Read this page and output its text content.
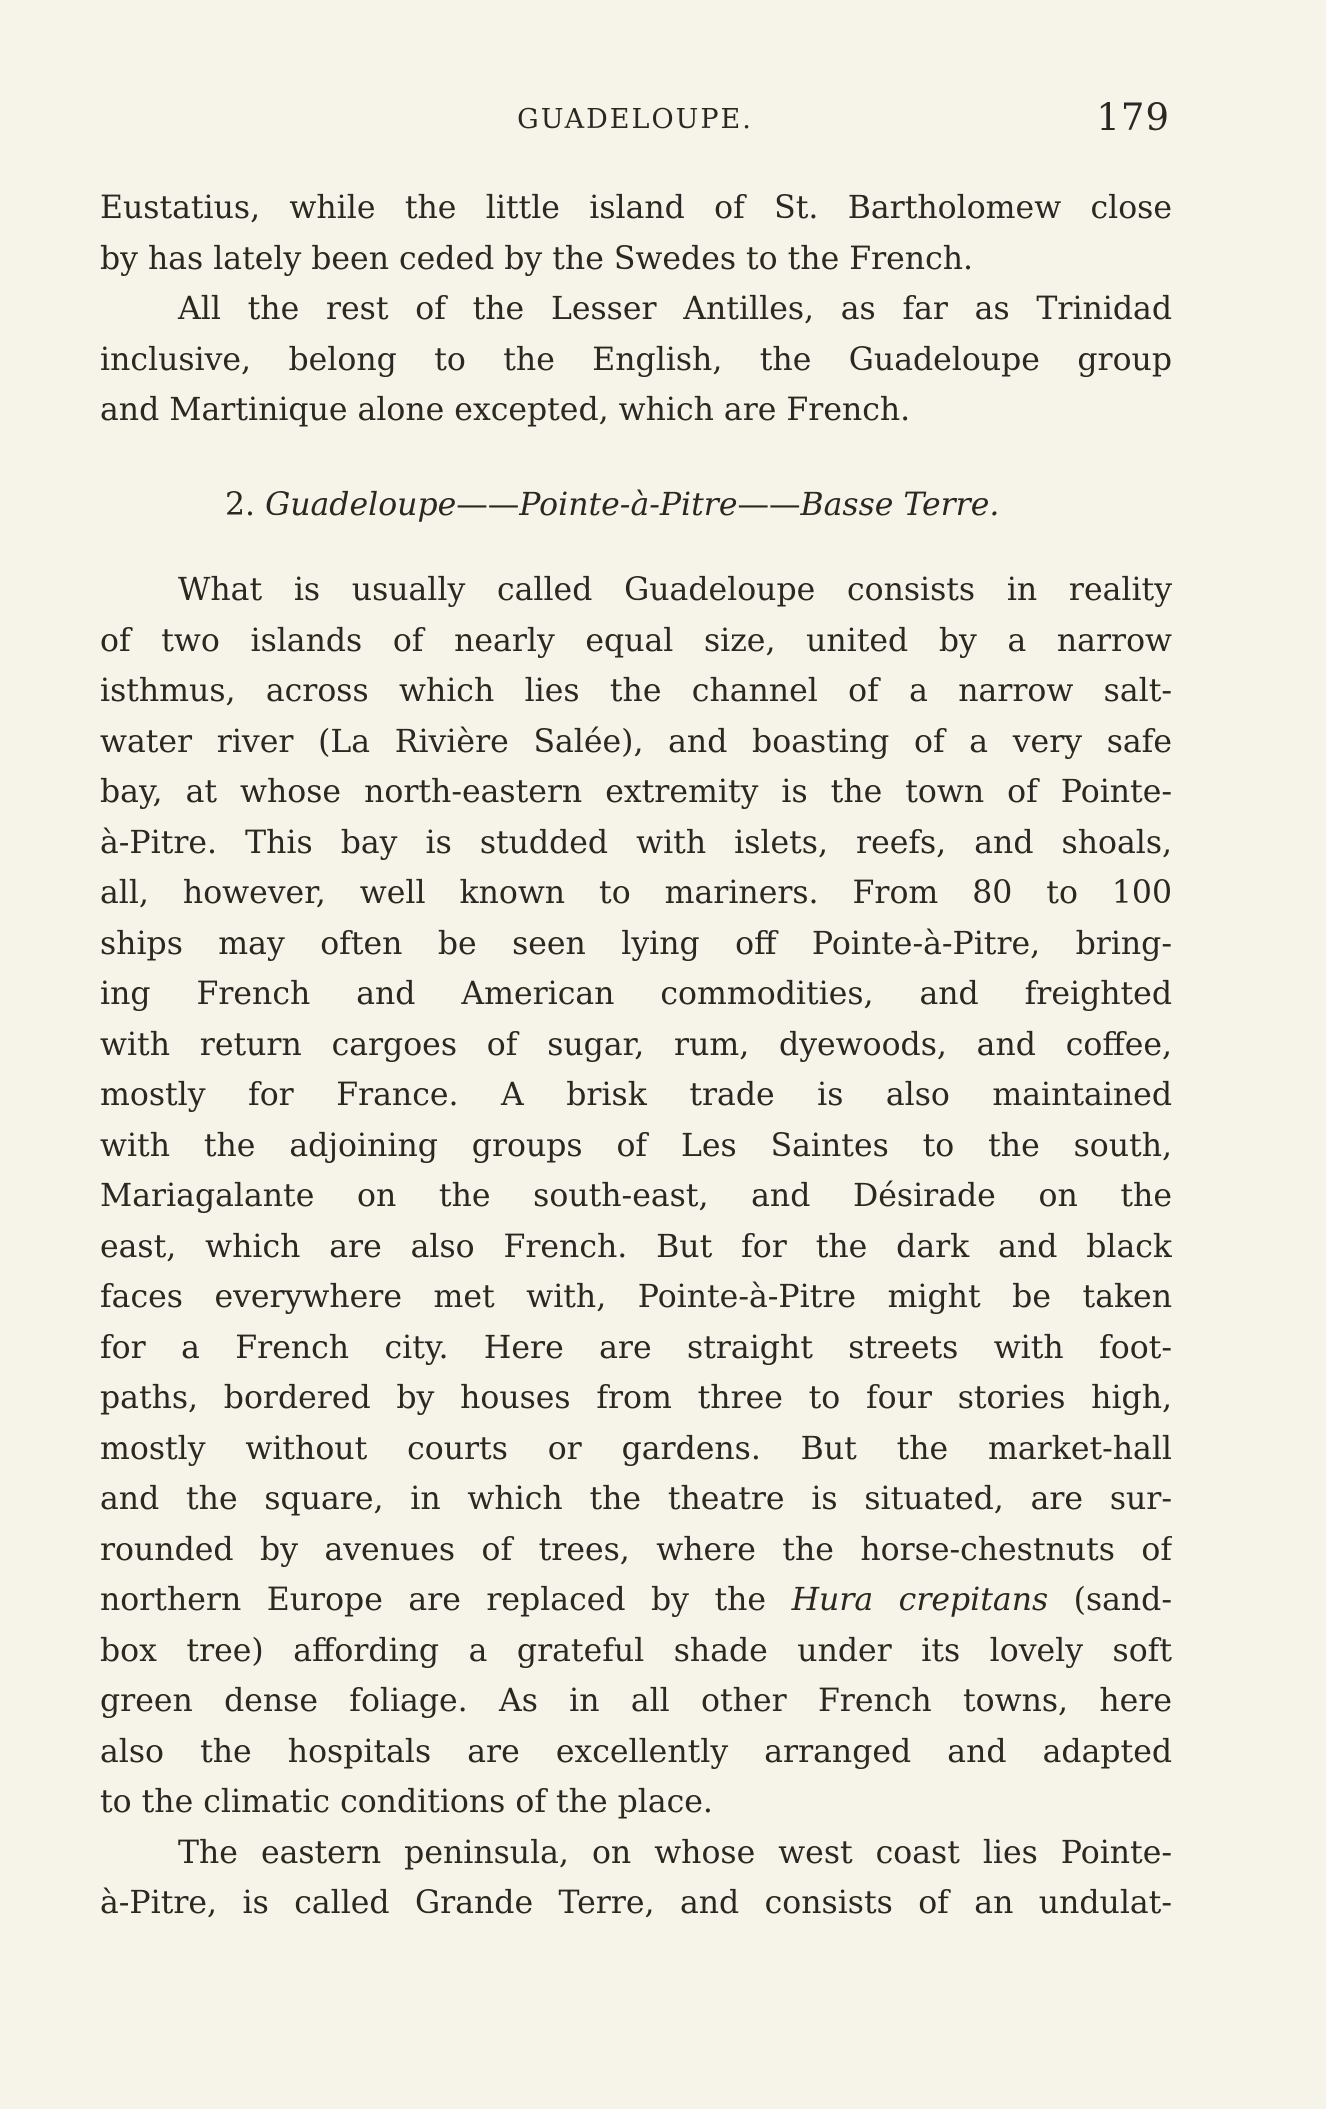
GUADELOUPE.	179
Eustatius, while the little island of St. Bartholomew close
by has lately been ceded by the Swedes to the French.
All the rest of the Lesser Antilles, as far as Trinidad
inclusive, belong to the English, the Guadeloupe group
and Martinique alone excepted, which are French.
2. Guadeloupe——Pointe-à-Pitre——Basse Terre.
What is usually called Guadeloupe consists in reality
of two islands of nearly equal size, united by a narrow
isthmus, across which lies the channel of a narrow salt-
water river (La Rivière Salée), and boasting of a very safe
bay, at whose north-eastern extremity is the town of Pointe-
à-Pitre. This bay is studded with islets, reefs, and shoals,
all, however, well known to mariners. From 80 to 100
ships may often be seen lying off Pointe-à-Pitre, bring-
ing French and American commodities, and freighted
with return cargoes of sugar, rum, dyewoods, and coffee,
mostly for France. A brisk trade is also maintained
with the adjoining groups of Les Saintes to the south,
Mariagalante on the south-east, and Désirade on the
east, which are also French. But for the dark and black
faces everywhere met with, Pointe-à-Pitre might be taken
for a French city. Here are straight streets with foot-
paths, bordered by houses from three to four stories high,
mostly without courts or gardens. But the market-hall
and the square, in which the theatre is situated, are sur-
rounded by avenues of trees, where the horse-chestnuts of
northern Europe are replaced by the Hura crepitans (sand-
box tree) affording a grateful shade under its lovely soft
green dense foliage. As in all other French towns, here
also the hospitals are excellently arranged and adapted
to the climatic conditions of the place.
The eastern peninsula, on whose west coast lies Pointe-
à-Pitre, is called Grande Terre, and consists of an undulat-
